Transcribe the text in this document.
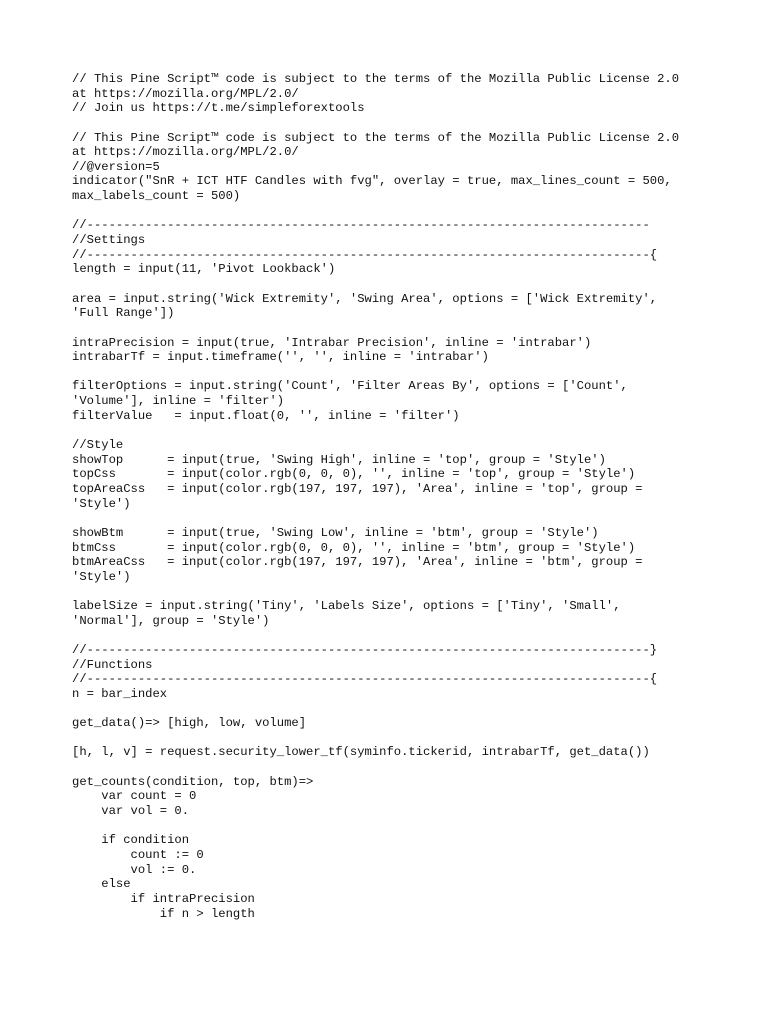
// This Pine Script™ code is subject to the terms of the Mozilla Public License 2.0
at https://mozilla.org/MPL/2.0/
// Join us https://t.me/simpleforextools
// This Pine Script™ code is subject to the terms of the Mozilla Public License 2.0
at https://mozilla.org/MPL/2.0/
//@version=5
indicator("SnR + ICT HTF Candles with fvg", overlay = true, max_lines_count = 500,
max_labels_count = 500)
//-----------------------------------------------------------------------------
//Settings
//-----------------------------------------------------------------------------{
length = input(11, 'Pivot Lookback')
area = input.string('Wick Extremity', 'Swing Area', options = ['Wick Extremity',
'Full Range'])
intraPrecision = input(true, 'Intrabar Precision', inline = 'intrabar')
intrabarTf = input.timeframe('', '', inline = 'intrabar')
filterOptions = input.string('Count', 'Filter Areas By', options = ['Count',
'Volume'], inline = 'filter')
filterValue   = input.float(0, '', inline = 'filter')
//Style
showTop      = input(true, 'Swing High', inline = 'top', group = 'Style')
topCss       = input(color.rgb(0, 0, 0), '', inline = 'top', group = 'Style')
topAreaCss   = input(color.rgb(197, 197, 197), 'Area', inline = 'top', group =
'Style')
showBtm      = input(true, 'Swing Low', inline = 'btm', group = 'Style')
btmCss       = input(color.rgb(0, 0, 0), '', inline = 'btm', group = 'Style')
btmAreaCss   = input(color.rgb(197, 197, 197), 'Area', inline = 'btm', group =
'Style')
labelSize = input.string('Tiny', 'Labels Size', options = ['Tiny', 'Small',
'Normal'], group = 'Style')
//-----------------------------------------------------------------------------}
//Functions
//-----------------------------------------------------------------------------{
n = bar_index
get_data()=> [high, low, volume]
[h, l, v] = request.security_lower_tf(syminfo.tickerid, intrabarTf, get_data())
get_counts(condition, top, btm)=>
var count = 0
var vol = 0.
if condition
count := 0
vol := 0.
else
if intraPrecision
if n > length
